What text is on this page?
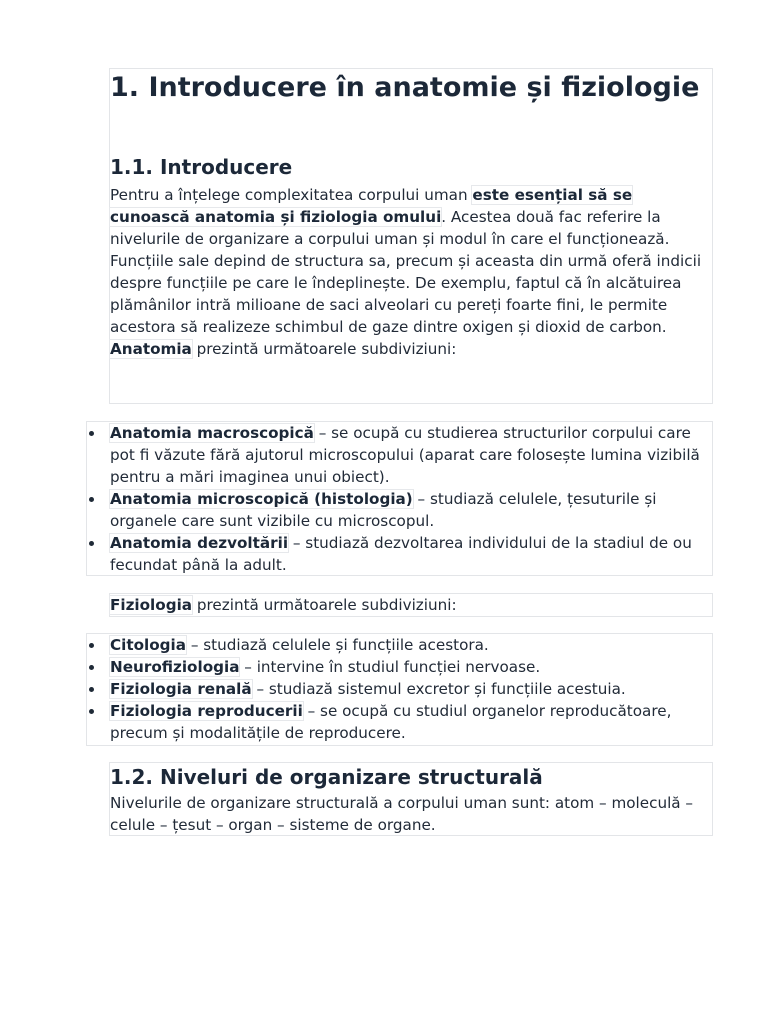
1. Introducere în anatomie și fiziologie
1.1. Introducere

Pentru a înțelege complexitatea corpului uman este esențial să se cunoască anatomia și fiziologia omului. Acestea două fac referire la nivelurile de organizare a corpului uman și modul în care el funcționează. Funcțiile sale depind de structura sa, precum și aceasta din urmă oferă indicii despre funcțiile pe care le îndeplinește. De exemplu, faptul că în alcătuirea plămânilor intră milioane de saci alveolari cu pereți foarte fini, le permite acestora să realizeze schimbul de gaze dintre oxigen și dioxid de carbon.
Anatomia prezintă următoarele subdiviziuni:

Anatomia macroscopică – se ocupă cu studierea structurilor corpului care pot fi văzute fără ajutorul microscopului (aparat care folosește lumina vizibilă pentru a mări imaginea unui obiect).
Anatomia microscopică (histologia) – studiază celulele, țesuturile și organele care sunt vizibile cu microscopul.
Anatomia dezvoltării – studiază dezvoltarea individului de la stadiul de ou fecundat până la adult.

Fiziologia prezintă următoarele subdiviziuni:

Citologia – studiază celulele și funcțiile acestora.
Neurofiziologia – intervine în studiul funcției nervoase.
Fiziologia renală – studiază sistemul excretor și funcțiile acestuia.
Fiziologia reproducerii – se ocupă cu studiul organelor reproducătoare, precum și modalitățile de reproducere.
1.2. Niveluri de organizare structurală

Nivelurile de organizare structurală a corpului uman sunt: atom – moleculă – celule – țesut – organ – sisteme de organe.
